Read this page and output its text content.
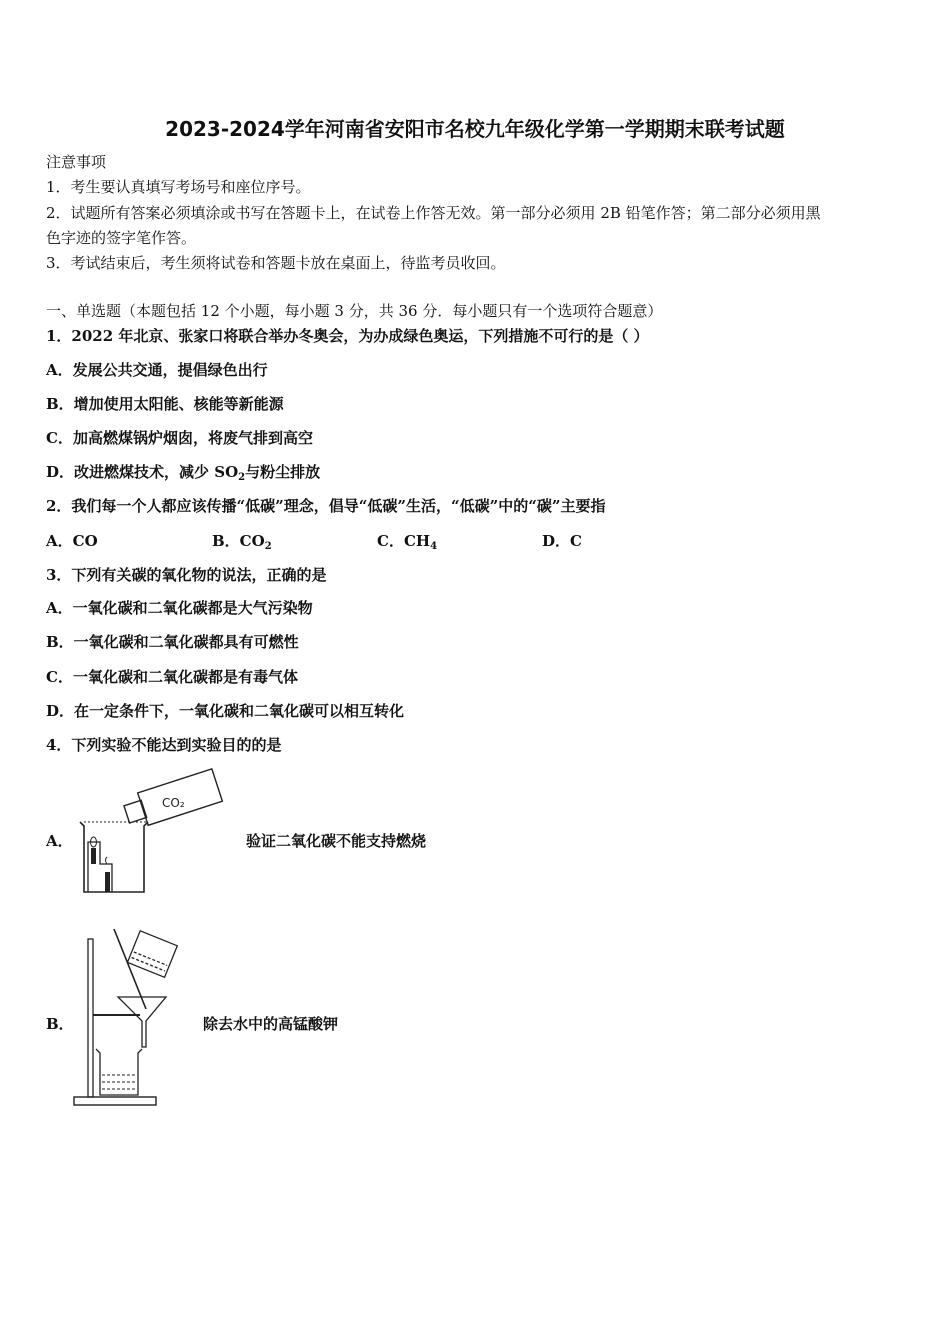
2023-2024学年河南省安阳市名校九年级化学第一学期期末联考试题
注意事项
1．考生要认真填写考场号和座位序号。
2．试题所有答案必须填涂或书写在答题卡上，在试卷上作答无效。第一部分必须用 2B 铅笔作答；第二部分必须用黑
色字迹的签字笔作答。
3．考试结束后，考生须将试卷和答题卡放在桌面上，待监考员收回。
一、单选题（本题包括 12 个小题，每小题 3 分，共 36 分．每小题只有一个选项符合题意）
1．2022 年北京、张家口将联合举办冬奥会，为办成绿色奥运，下列措施不可行的是（ ）
A．发展公共交通，提倡绿色出行
B．增加使用太阳能、核能等新能源
C．加高燃煤锅炉烟囱，将废气排到高空
D．改进燃煤技术，减少 $SO_2$与粉尘排放
2．我们每一个人都应该传播“低碳”理念，倡导“低碳”生活，“低碳”中的“碳”主要指
A．CO	B．$CO_2$	C．$CH_4$	D．C
3．下列有关碳的氧化物的说法，正确的是
A．一氧化碳和二氧化碳都是大气污染物
B．一氧化碳和二氧化碳都具有可燃性
C．一氧化碳和二氧化碳都是有毒气体
D．在一定条件下，一氧化碳和二氧化碳可以相互转化
4．下列实验不能达到实验目的的是
A．
CO₂
验证二氧化碳不能支持燃烧
B．	除去水中的高锰酸钾
